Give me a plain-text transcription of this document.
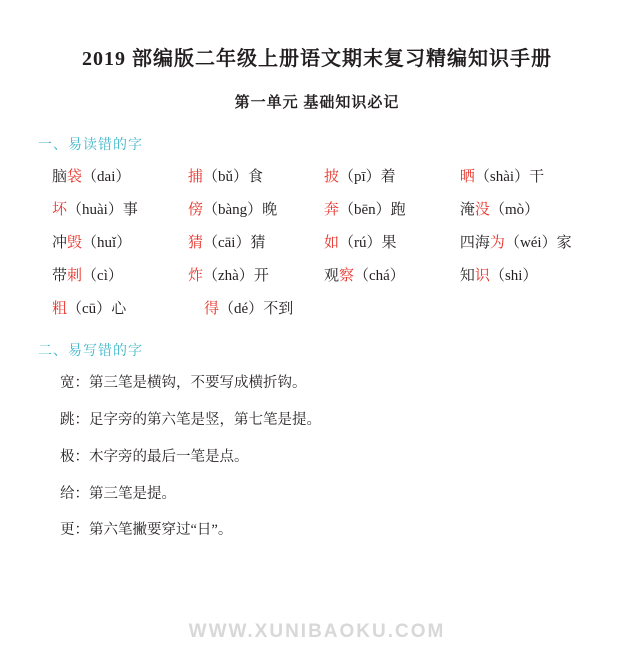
2019 部编版二年级上册语文期末复习精编知识手册
第一单元 基础知识必记
一、易读错的字
脑袋（dai）	捕（bǔ）食	披（pī）着	晒（shài）干
坏（huài）事	傍（bàng）晚	奔（bēn）跑	淹没（mò）
冲毁（huǐ）	猜（cāi）猜	如（rú）果	四海为（wéi）家
带刺（cì）	炸（zhà）开	观察（chá）	知识（shi）
粗（cū）心	得（dé）不到
二、易写错的字
宽：第三笔是横钩，不要写成横折钩。
跳：足字旁的第六笔是竖，第七笔是提。
极：木字旁的最后一笔是点。
给：第三笔是提。
更：第六笔撇要穿过“日”。
WWW.XUNIBAOKU.COM
